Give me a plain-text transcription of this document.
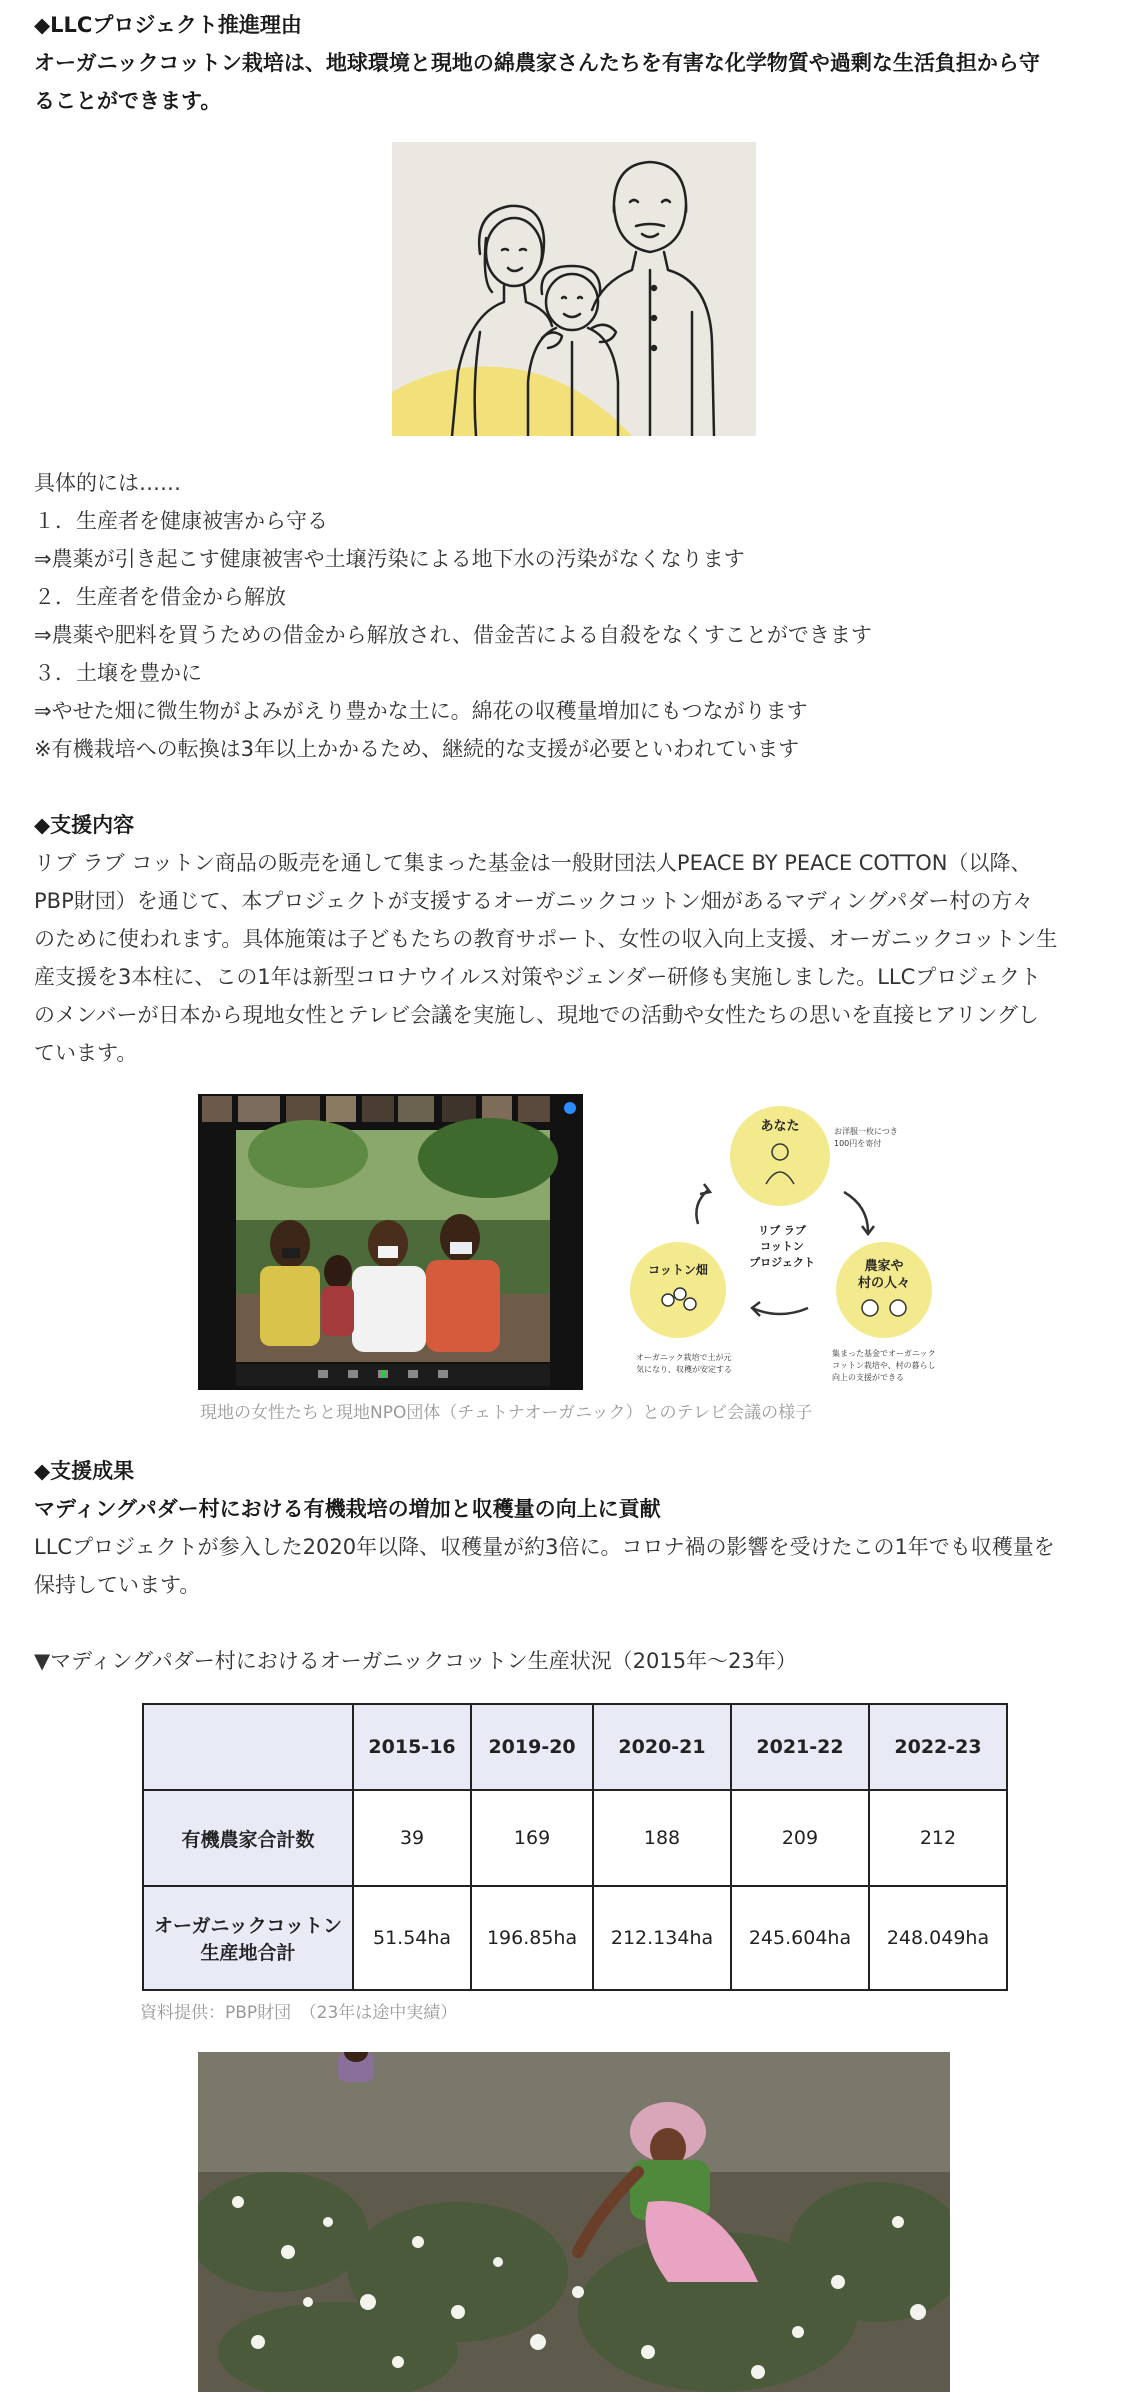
◆LLCプロジェクト推進理由
オーガニックコットン栽培は、地球環境と現地の綿農家さんたちを有害な化学物質や過剰な生活負担から守
ることができます。
具体的には……
１．生産者を健康被害から守る
⇒農薬が引き起こす健康被害や土壌汚染による地下水の汚染がなくなります
２．生産者を借金から解放
⇒農薬や肥料を買うための借金から解放され、借金苦による自殺をなくすことができます
３．土壌を豊かに
⇒やせた畑に微生物がよみがえり豊かな土に。綿花の収穫量増加にもつながります
※有機栽培への転換は3年以上かかるため、継続的な支援が必要といわれています
◆支援内容
リブ ラブ コットン商品の販売を通して集まった基金は一般財団法人PEACE BY PEACE COTTON（以降、
PBP財団）を通じて、本プロジェクトが支援するオーガニックコットン畑があるマディングパダー村の方々
のために使われます。具体施策は子どもたちの教育サポート、女性の収入向上支援、オーガニックコットン生
産支援を3本柱に、この1年は新型コロナウイルス対策やジェンダー研修も実施しました。LLCプロジェクト
のメンバーが日本から現地女性とテレビ会議を実施し、現地での活動や女性たちの思いを直接ヒアリングし
ています。
あなた	お洋服一枚につき
100円を寄付
リブ ラブ
コットン
プロジェクト	農家や
村の人々
コットン畑
オーガニック栽培で土が元
気になり、収穫が安定する
集まった基金でオーガニック
コットン栽培や、村の暮らし
向上の支援ができる
現地の女性たちと現地NPO団体（チェトナオーガニック）とのテレビ会議の様子
◆支援成果
マディングパダー村における有機栽培の増加と収穫量の向上に貢献
LLCプロジェクトが参入した2020年以降、収穫量が約3倍に。コロナ禍の影響を受けたこの1年でも収穫量を
保持しています。
▼マディングパダー村におけるオーガニックコットン生産状況（2015年〜23年）
	2015-16	2019-20	2020-21	2021-22	2022-23
有機農家合計数	39	169	188	209	212

オーガニックコットン
生産地合計	51.54ha	196.85ha	212.134ha	245.604ha	248.049ha
資料提供：PBP財団　（23年は途中実績）
